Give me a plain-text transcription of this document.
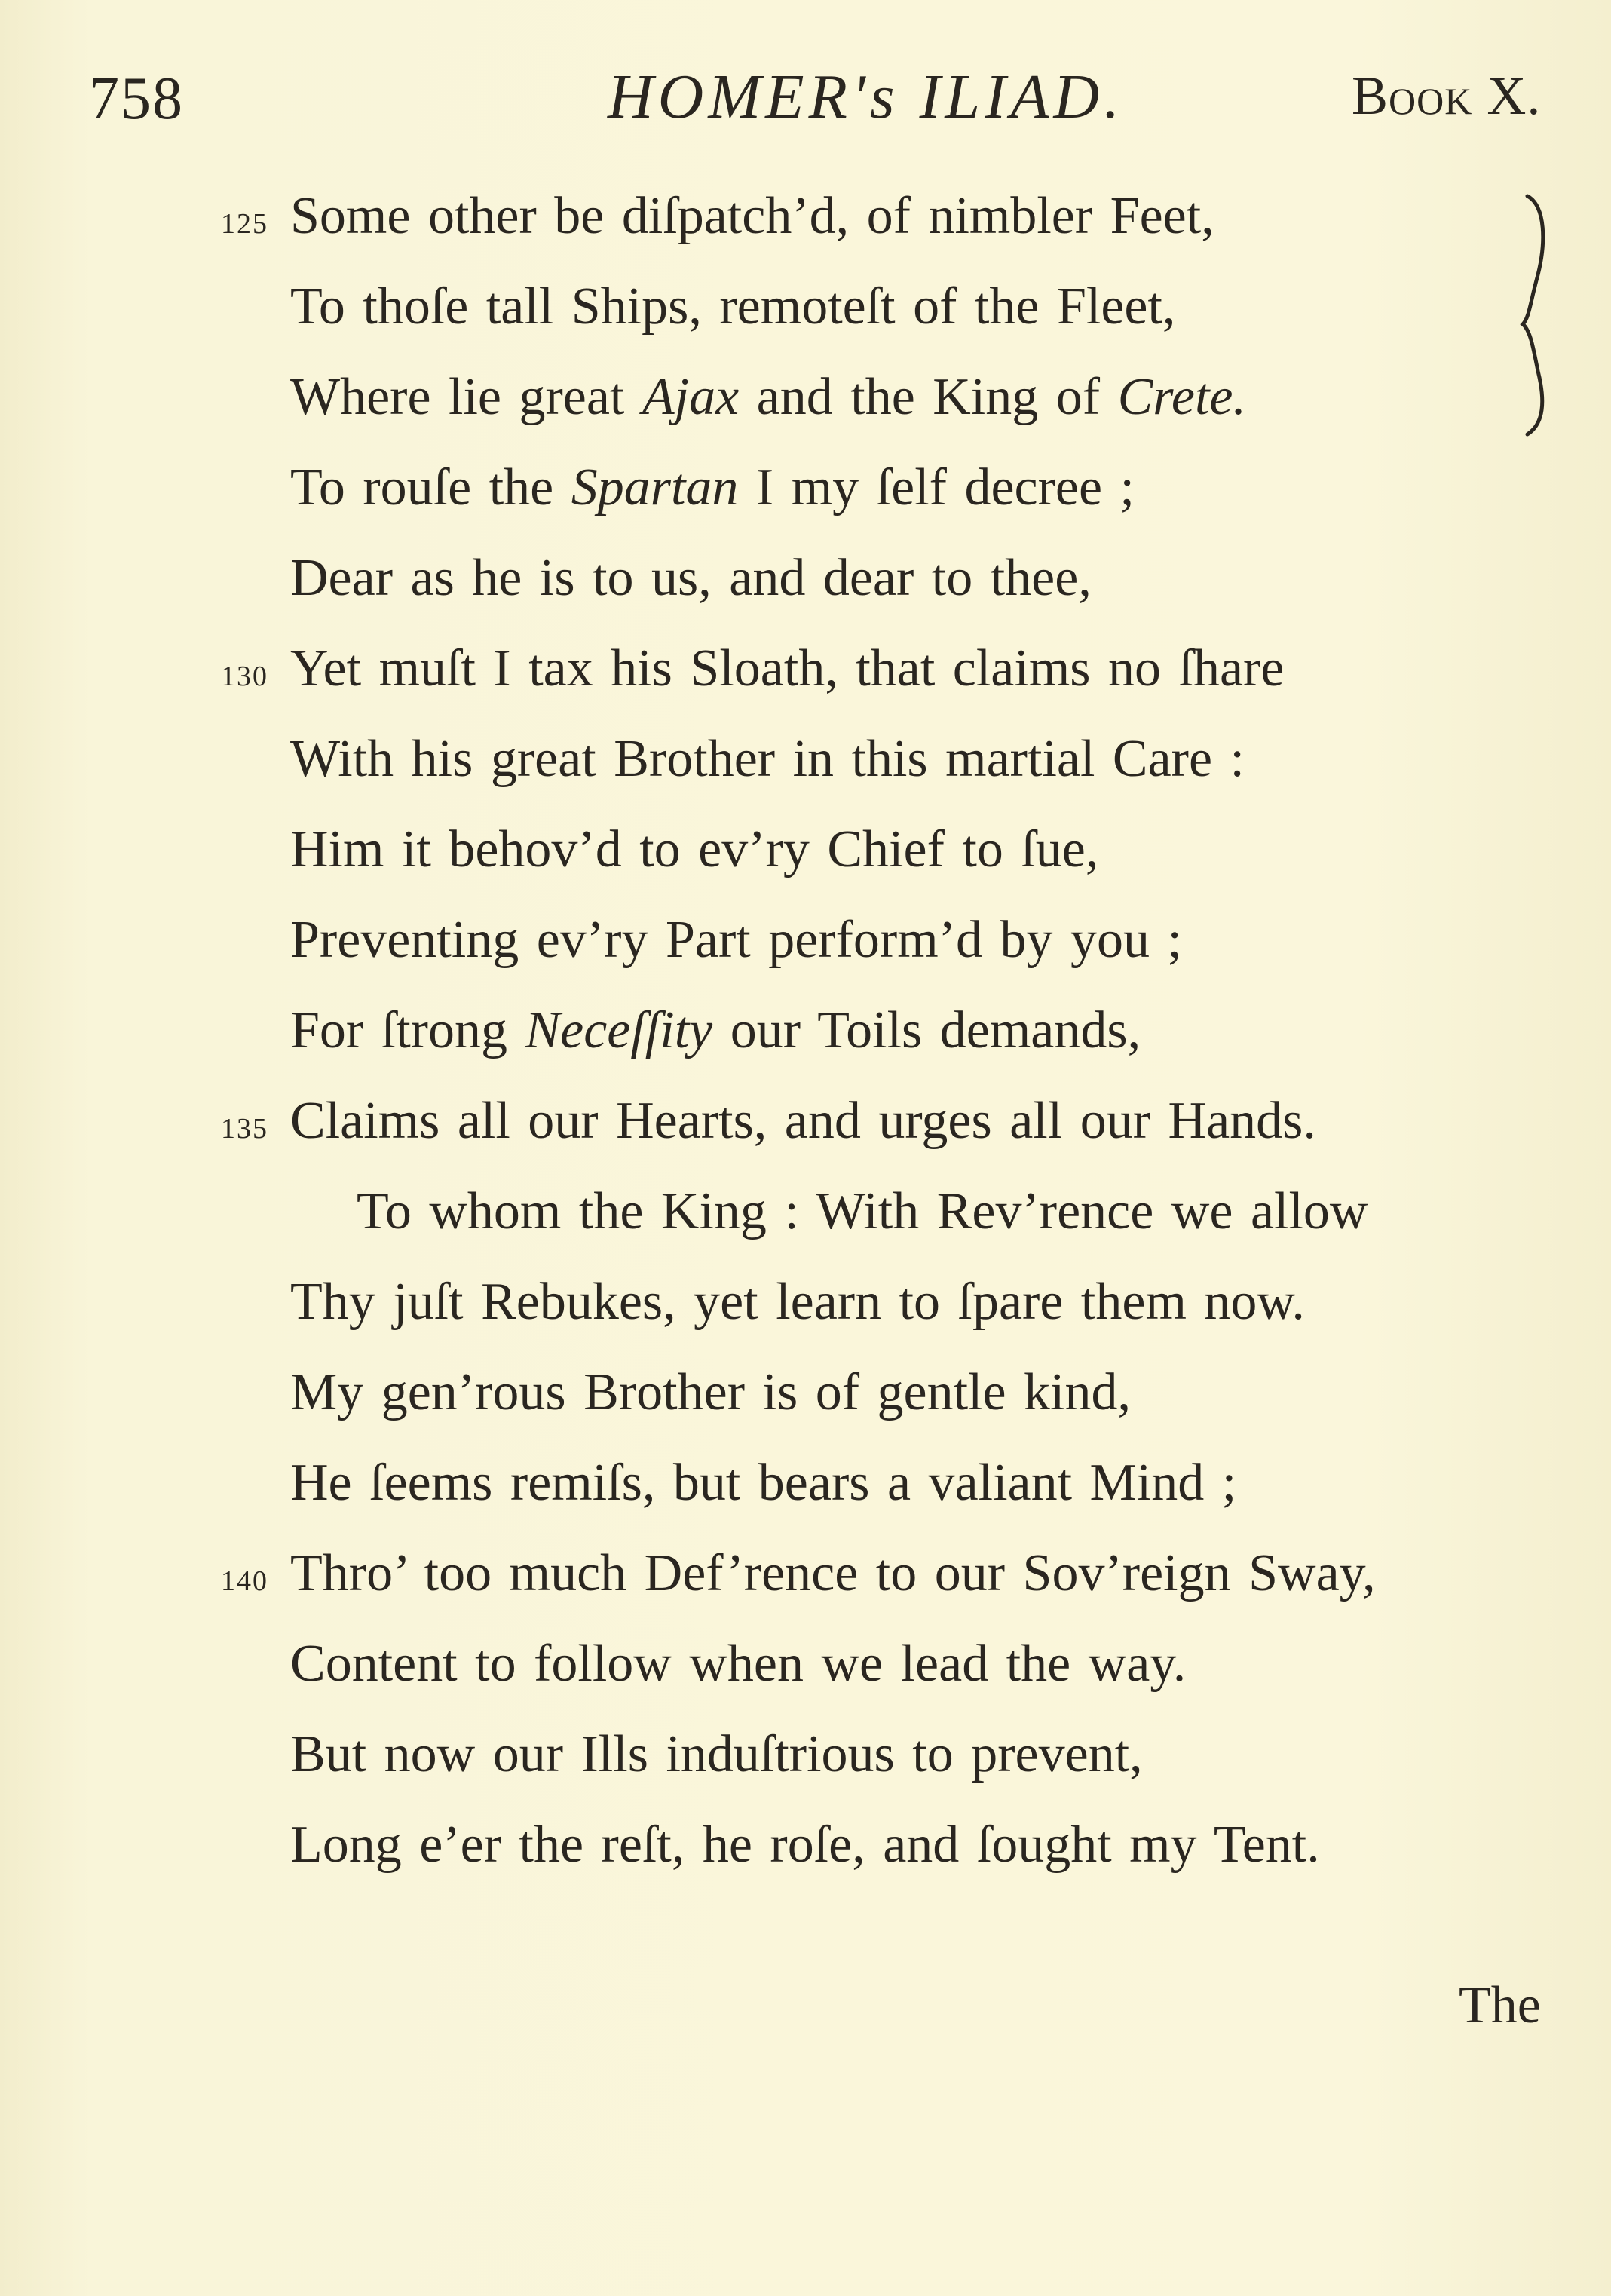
758	HOMER's ILIAD.	Book X.
125 Some other be diſpatch’d, of nimbler Feet,
To thoſe tall Ships, remoteſt of the Fleet,
Where lie great Ajax and the King of Crete.
To rouſe the Spartan I my ſelf decree ;
Dear as he is to us, and dear to thee,
130 Yet muſt I tax his Sloath, that claims no ſhare
With his great Brother in this martial Care :
Him it behov’d to ev’ry Chief to ſue,
Preventing ev’ry Part perform’d by you ;
For ſtrong Neceſſity our Toils demands,
135 Claims all our Hearts, and urges all our Hands.
To whom the King : With Rev’rence we allow
Thy juſt Rebukes, yet learn to ſpare them now.
My gen’rous Brother is of gentle kind,
He ſeems remiſs, but bears a valiant Mind ;
140 Thro’ too much Def’rence to our Sov’reign Sway,
Content to follow when we lead the way.
But now our Ills induſtrious to prevent,
Long e’er the reſt, he roſe, and ſought my Tent.
The
